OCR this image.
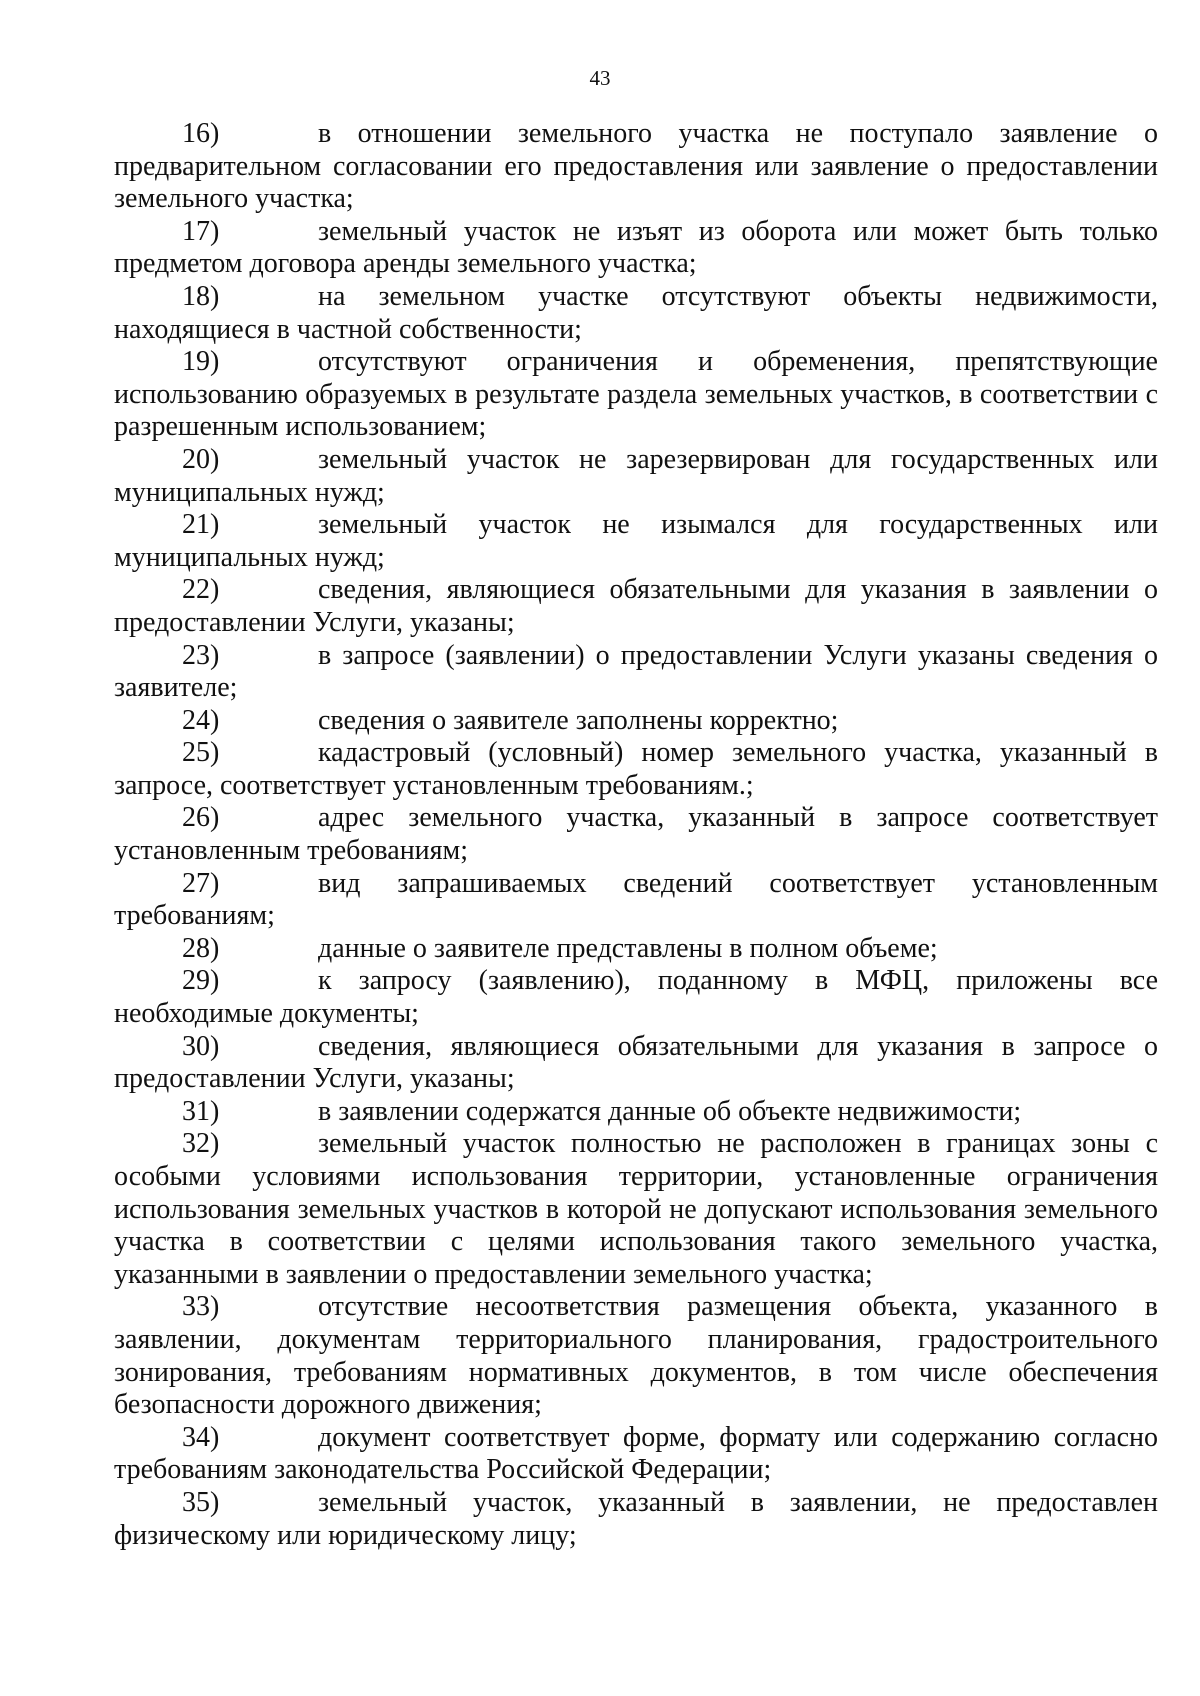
43

16)	в отношении земельного участка не поступало заявление о предварительном согласовании его предоставления или заявление о предоставлении земельного участка;

17)	земельный участок не изъят из оборота или может быть только предметом договора аренды земельного участка;

18)	на земельном участке отсутствуют объекты недвижимости, находящиеся в частной собственности;

19)	отсутствуют ограничения и обременения, препятствующие использованию образуемых в результате раздела земельных участков, в соответствии с разрешенным использованием;

20)	земельный участок не зарезервирован для государственных или муниципальных нужд;

21)	земельный участок не изымался для государственных или муниципальных нужд;

22)	сведения, являющиеся обязательными для указания в заявлении о предоставлении Услуги, указаны;

23)	в запросе (заявлении) о предоставлении Услуги указаны сведения о заявителе;

24)	сведения о заявителе заполнены корректно;

25)	кадастровый (условный) номер земельного участка, указанный в запросе, соответствует установленным требованиям.;

26)	адрес земельного участка, указанный в запросе соответствует установленным требованиям;

27)	вид запрашиваемых сведений соответствует установленным требованиям;

28)	данные о заявителе представлены в полном объеме;

29)	к запросу (заявлению), поданному в МФЦ, приложены все необходимые документы;

30)	сведения, являющиеся обязательными для указания в запросе о предоставлении Услуги, указаны;

31)	в заявлении содержатся данные об объекте недвижимости;

32)	земельный участок полностью не расположен в границах зоны с особыми условиями использования территории, установленные ограничения использования земельных участков в которой не допускают использования земельного участка в соответствии с целями использования такого земельного участка, указанными в заявлении о предоставлении земельного участка;

33)	отсутствие несоответствия размещения объекта, указанного в заявлении, документам территориального планирования, градостроительного зонирования, требованиям нормативных документов, в том числе обеспечения безопасности дорожного движения;

34)	документ соответствует форме, формату или содержанию согласно требованиям законодательства Российской Федерации;

35)	земельный участок, указанный в заявлении, не предоставлен физическому или юридическому лицу;
